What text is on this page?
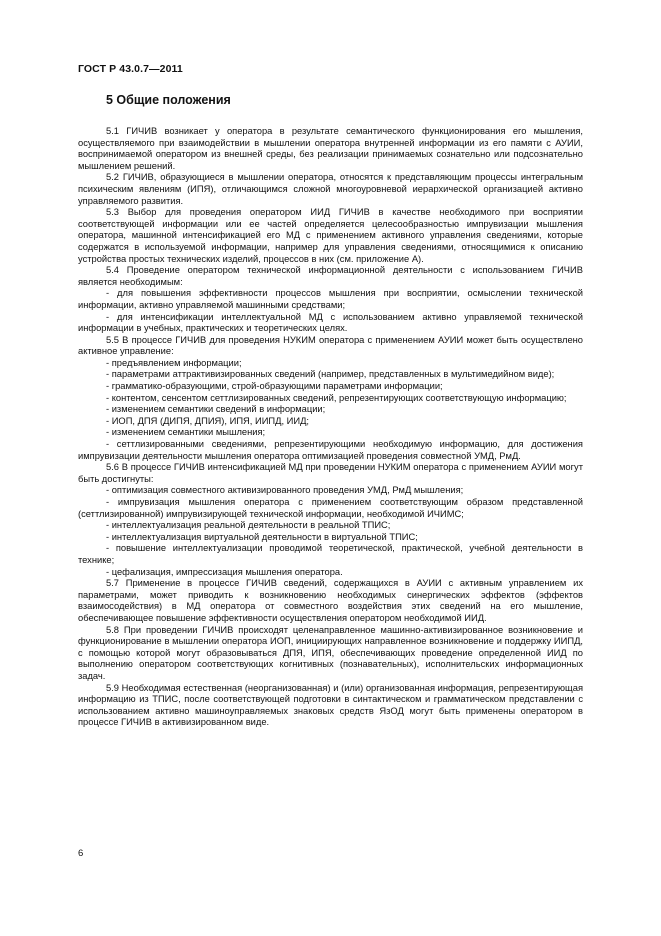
ГОСТ Р 43.0.7—2011
5 Общие положения

5.1 ГИЧИВ возникает у оператора в результате семантического функционирования его мышления, осуществляемого при взаимодействии в мышлении оператора внутренней информации из его памяти с АУИИ, воспринимаемой оператором из внешней среды, без реализации принимаемых сознательно или подсознательно мышлением решений.

5.2 ГИЧИВ, образующиеся в мышлении оператора, относятся к представляющим процессы интегральным психическим явлениям (ИПЯ), отличающимся сложной многоуровневой иерархической организацией активно управляемого развития.

5.3 Выбор для проведения оператором ИИД ГИЧИВ в качестве необходимого при восприятии соответствующей информации или ее частей определяется целесообразностью импрувизации мышления оператора, машинной интенсификацией его МД с применением активного управления сведениями, которые содержатся в используемой информации, например для управления сведениями, относящимися к описанию устройства простых технических изделий, процессов в них (см. приложение А).

5.4 Проведение оператором технической информационной деятельности с использованием ГИЧИВ является необходимым:

- для повышения эффективности процессов мышления при восприятии, осмыслении технической информации, активно управляемой машинными средствами;

- для интенсификации интеллектуальной МД с использованием активно управляемой технической информации в учебных, практических и теоретических целях.

5.5 В процессе ГИЧИВ для проведения НУКИМ оператора с применением АУИИ может быть осуществлено активное управление:

- предъявлением информации;

- параметрами аттрактивизированных сведений (например, представленных в мультимедийном виде);

- грамматико-образующими, строй-образующими параметрами информации;

- контентом, сенсентом сеттлизированных сведений, репрезентирующих соответствующую информацию;

- изменением семантики сведений в информации;

- ИОП, ДПЯ (ДИПЯ, ДПИЯ), ИПЯ, ИИПД, ИИД;

- изменением семантики мышления;

- сеттлизированными сведениями, репрезентирующими необходимую информацию, для достижения импрувизации деятельности мышления оператора оптимизацией проведения совместной УМД, РмД.

5.6 В процессе ГИЧИВ интенсификацией МД при проведении НУКИМ оператора с применением АУИИ могут быть достигнуты:

- оптимизация совместного активизированного проведения УМД, РмД мышления;

- импрувизация мышления оператора с применением соответствующим образом представленной (сеттлизированной) импрувизирующей технической информации, необходимой ИЧИМС;

- интеллектуализация реальной деятельности в реальной ТПИС;

- интеллектуализация виртуальной деятельности в виртуальной ТПИС;

- повышение интеллектуализации проводимой теоретической, практической, учебной деятельности в технике;

- цефализация, импрессизация мышления оператора.

5.7 Применение в процессе ГИЧИВ сведений, содержащихся в АУИИ с активным управлением их параметрами, может приводить к возникновению необходимых синергических эффектов (эффектов взаимосодействия) в МД оператора от совместного воздействия этих сведений на его мышление, обеспечивающее повышение эффективности осуществления оператором необходимой ИИД.

5.8 При проведении ГИЧИВ происходят целенаправленное машинно-активизированное возникновение и функционирование в мышлении оператора ИОП, инициирующих направленное возникновение и поддержку ИИПД, с помощью которой могут образовываться ДПЯ, ИПЯ, обеспечивающих проведение определенной ИИД по выполнению оператором соответствующих когнитивных (познавательных), исполнительских информационных задач.

5.9 Необходимая естественная (неорганизованная) и (или) организованная информация, репрезентирующая информацию из ТПИС, после соответствующей подготовки в синтактическом и грамматическом представлении с использованием активно машиноуправляемых знаковых средств ЯзОД могут быть применены оператором в процессе ГИЧИВ в активизированном виде.

6
